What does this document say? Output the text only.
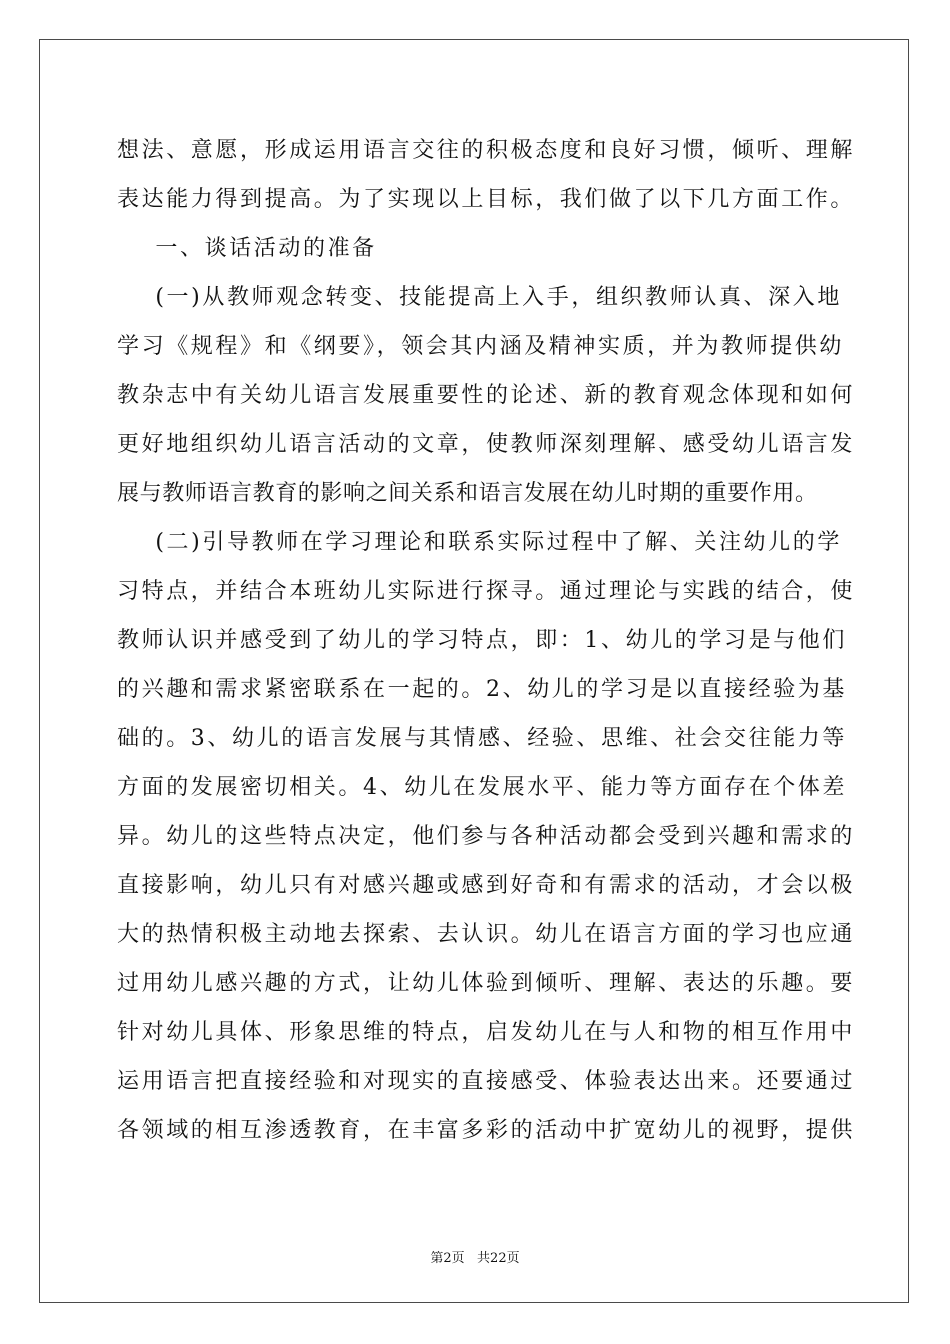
想法、意愿，形成运用语言交往的积极态度和良好习惯，倾听、理解
表达能力得到提高。为了实现以上目标，我们做了以下几方面工作。
一、谈话活动的准备
(一)从教师观念转变、技能提高上入手，组织教师认真、深入地
学习《规程》和《纲要》，领会其内涵及精神实质，并为教师提供幼
教杂志中有关幼儿语言发展重要性的论述、新的教育观念体现和如何
更好地组织幼儿语言活动的文章，使教师深刻理解、感受幼儿语言发
展与教师语言教育的影响之间关系和语言发展在幼儿时期的重要作用。
(二)引导教师在学习理论和联系实际过程中了解、关注幼儿的学
习特点，并结合本班幼儿实际进行探寻。通过理论与实践的结合，使
教师认识并感受到了幼儿的学习特点，即：1、幼儿的学习是与他们
的兴趣和需求紧密联系在一起的。2、幼儿的学习是以直接经验为基
础的。3、幼儿的语言发展与其情感、经验、思维、社会交往能力等
方面的发展密切相关。4、幼儿在发展水平、能力等方面存在个体差
异。幼儿的这些特点决定，他们参与各种活动都会受到兴趣和需求的
直接影响，幼儿只有对感兴趣或感到好奇和有需求的活动，才会以极
大的热情积极主动地去探索、去认识。幼儿在语言方面的学习也应通
过用幼儿感兴趣的方式，让幼儿体验到倾听、理解、表达的乐趣。要
针对幼儿具体、形象思维的特点，启发幼儿在与人和物的相互作用中
运用语言把直接经验和对现实的直接感受、体验表达出来。还要通过
各领域的相互渗透教育，在丰富多彩的活动中扩宽幼儿的视野，提供
第2页   共22页
